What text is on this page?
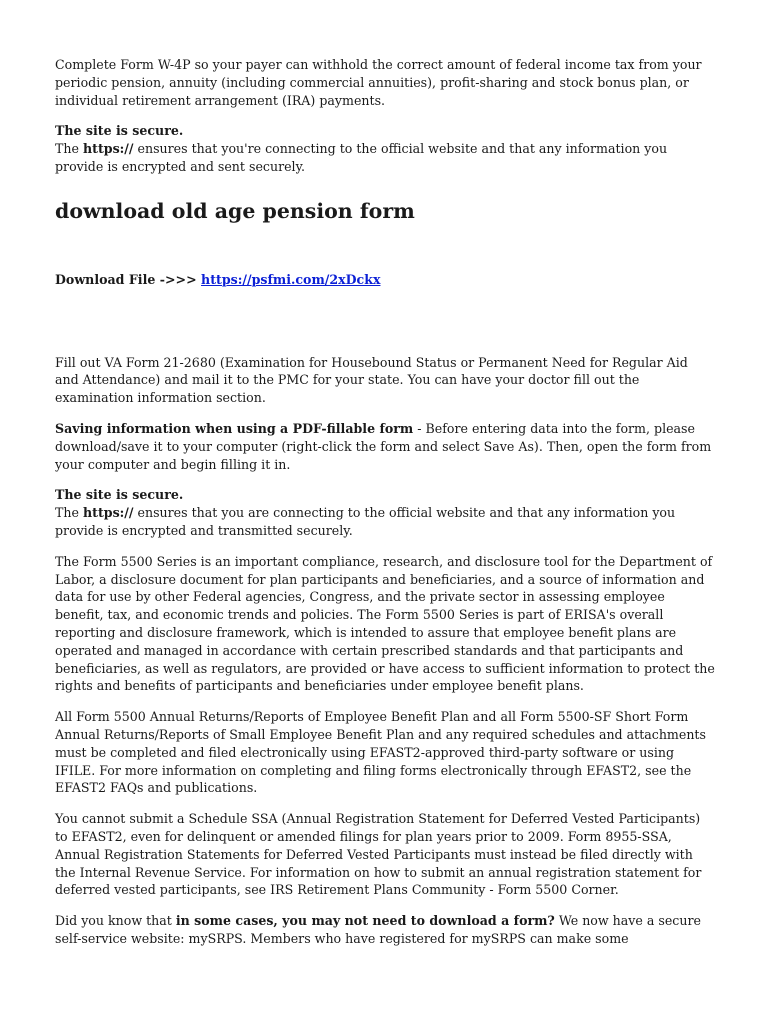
Complete Form W-4P so your payer can withhold the correct amount of federal income tax from your periodic pension, annuity (including commercial annuities), profit-sharing and stock bonus plan, or individual retirement arrangement (IRA) payments.

The site is secure.
The https:// ensures that you're connecting to the official website and that any information you provide is encrypted and sent securely.

download old age pension form

Download File ->>> https://psfmi.com/2xDckx

Fill out VA Form 21-2680 (Examination for Housebound Status or Permanent Need for Regular Aid and Attendance) and mail it to the PMC for your state. You can have your doctor fill out the examination information section.

Saving information when using a PDF-fillable form - Before entering data into the form, please download/save it to your computer (right-click the form and select Save As). Then, open the form from your computer and begin filling it in.

The site is secure.
The https:// ensures that you are connecting to the official website and that any information you provide is encrypted and transmitted securely.

The Form 5500 Series is an important compliance, research, and disclosure tool for the Department of Labor, a disclosure document for plan participants and beneficiaries, and a source of information and data for use by other Federal agencies, Congress, and the private sector in assessing employee benefit, tax, and economic trends and policies. The Form 5500 Series is part of ERISA's overall reporting and disclosure framework, which is intended to assure that employee benefit plans are operated and managed in accordance with certain prescribed standards and that participants and beneficiaries, as well as regulators, are provided or have access to sufficient information to protect the rights and benefits of participants and beneficiaries under employee benefit plans.

All Form 5500 Annual Returns/Reports of Employee Benefit Plan and all Form 5500-SF Short Form Annual Returns/Reports of Small Employee Benefit Plan and any required schedules and attachments must be completed and filed electronically using EFAST2-approved third-party software or using IFILE. For more information on completing and filing forms electronically through EFAST2, see the EFAST2 FAQs and publications.

You cannot submit a Schedule SSA (Annual Registration Statement for Deferred Vested Participants) to EFAST2, even for delinquent or amended filings for plan years prior to 2009. Form 8955-SSA, Annual Registration Statements for Deferred Vested Participants must instead be filed directly with the Internal Revenue Service. For information on how to submit an annual registration statement for deferred vested participants, see IRS Retirement Plans Community - Form 5500 Corner.

Did you know that in some cases, you may not need to download a form? We now have a secure self-service website: mySRPS. Members who have registered for mySRPS can make some
